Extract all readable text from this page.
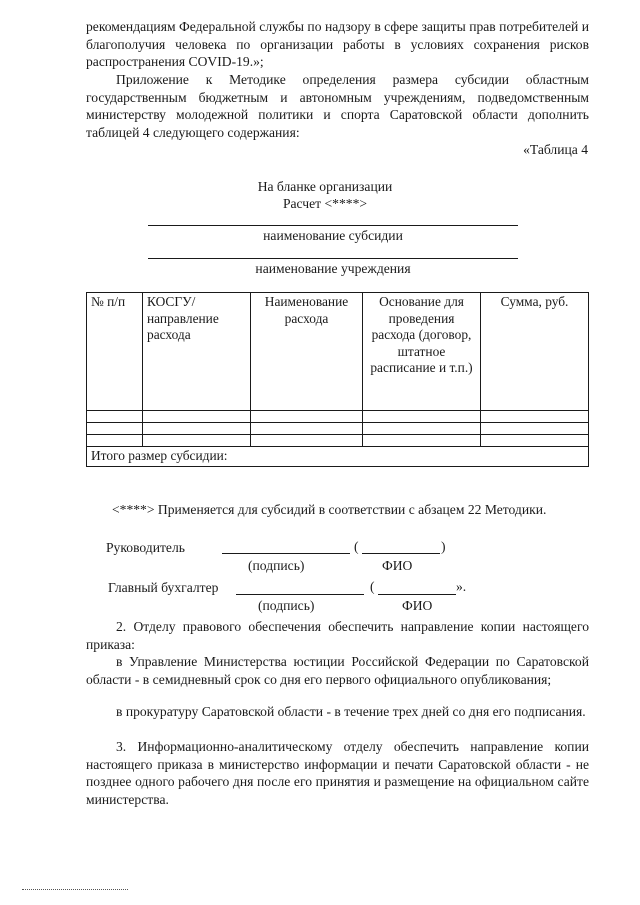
рекомендациям Федеральной службы по надзору в сфере защиты прав потребителей и благополучия человека по организации работы в условиях сохранения рисков распространения COVID-19.»;

Приложение к Методике определения размера субсидии областным государственным бюджетным и автономным учреждениям, подведомственным министерству молодежной политики и спорта Саратовской области дополнить таблицей 4 следующего содержания:

«Таблица 4
На бланке организации
Расчет <****>
наименование субсидии
наименование учреждения
№ п/п	КОСГУ/направление расхода	Наименование расхода	Основание для проведения расхода (договор, штатное расписание и т.п.)	Сумма, руб.

Итого размер субсидии:				
<****> Применяется для субсидий в соответствии с абзацем 22 Методики.
Руководитель	(	)
(подпись)	ФИО
Главный бухгалтер	(	».
(подпись)	ФИО

2. Отделу правового обеспечения обеспечить направление копии настоящего приказа:

в Управление Министерства юстиции Российской Федерации по Саратовской области - в семидневный срок со дня его первого официального опубликования;

в прокуратуру Саратовской области - в течение трех дней со дня его подписания.

3. Информационно-аналитическому отделу обеспечить направление копии настоящего приказа в министерство информации и печати Саратовской области - не позднее одного рабочего дня после его принятия и размещение на официальном сайте министерства.
